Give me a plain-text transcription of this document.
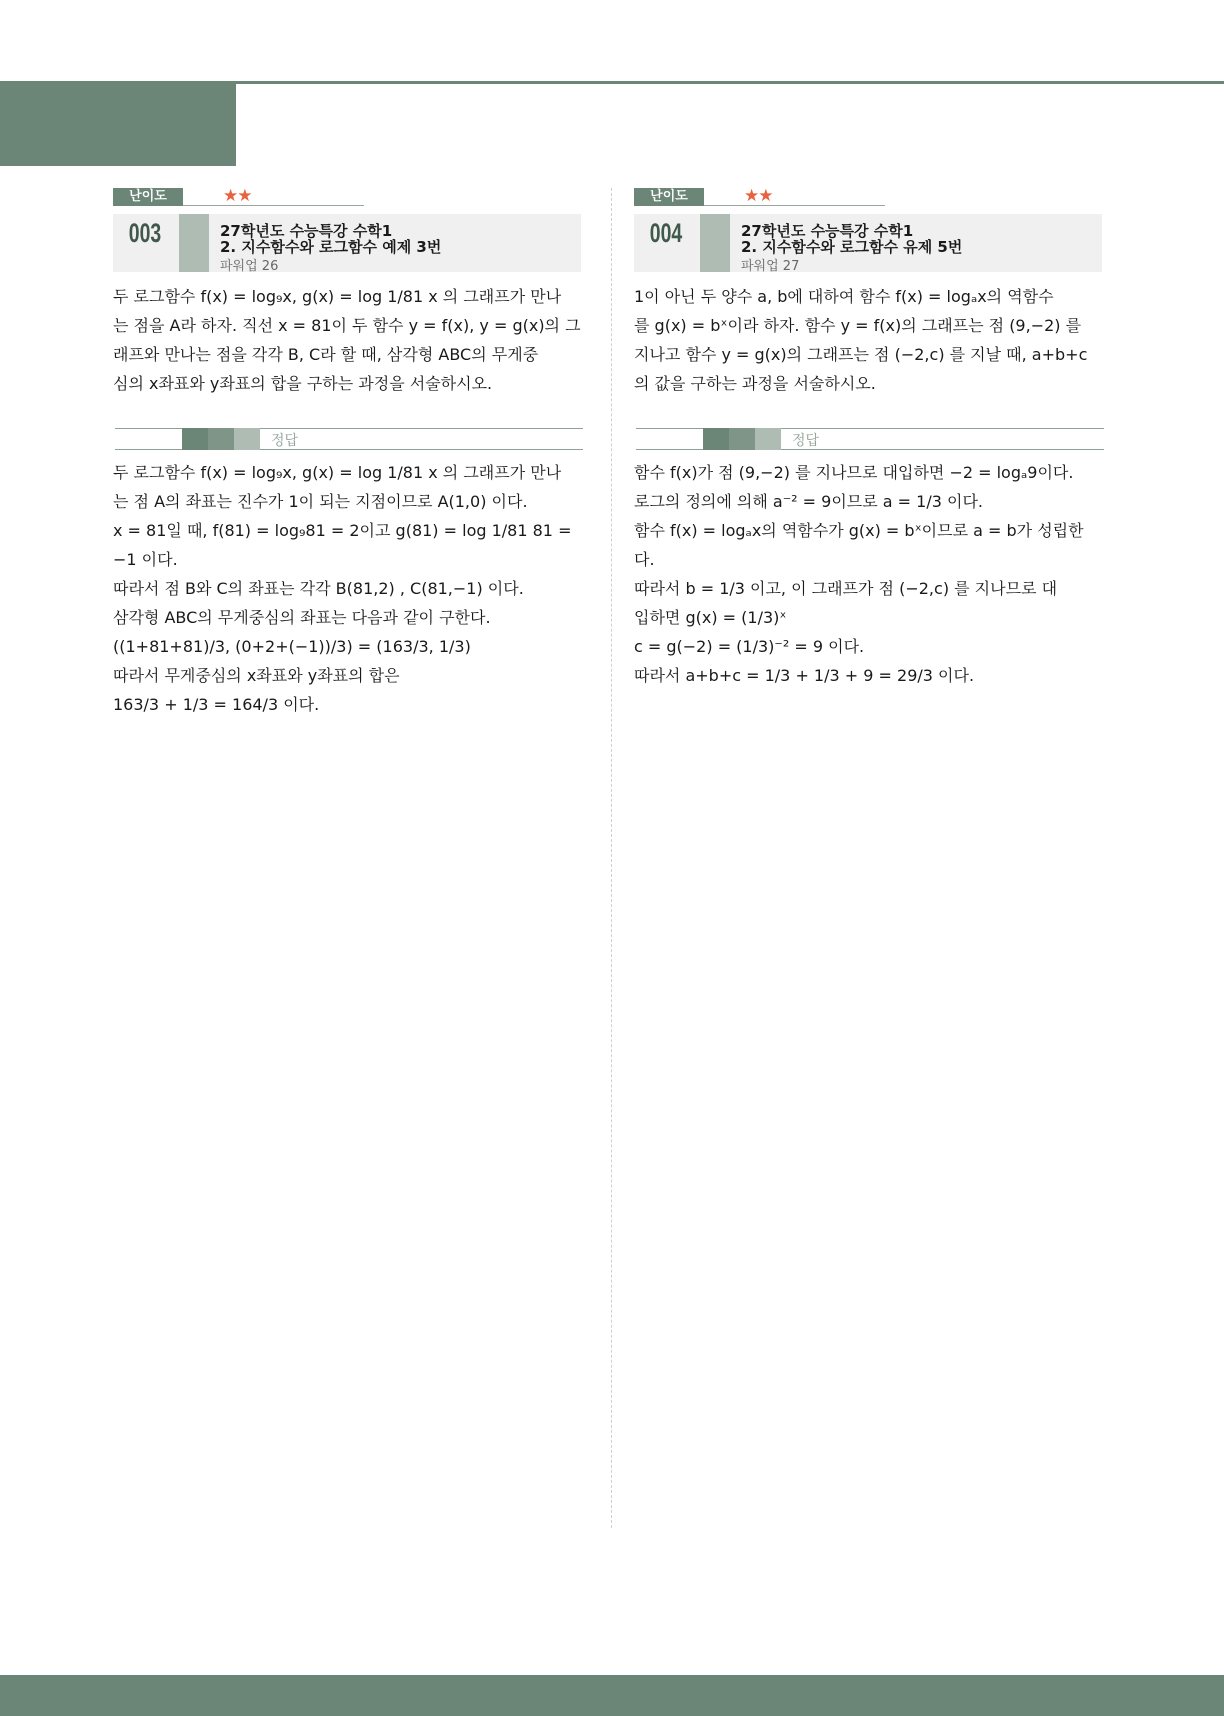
난이도	★★
003	27학년도 수능특강 수학1
2. 지수함수와 로그함수 예제 3번
파워업 26
두 로그함수 f(x) = log₉x, g(x) = log 1/81 x 의 그래프가 만나
는 점을 A라 하자. 직선 x = 81이 두 함수 y = f(x), y = g(x)의 그
래프와 만나는 점을 각각 B, C라 할 때, 삼각형 ABC의 무게중
심의 x좌표와 y좌표의 합을 구하는 과정을 서술하시오.
정답

두 로그함수 f(x) = log₉x, g(x) = log 1/81 x 의 그래프가 만나

는 점 A의 좌표는 진수가 1이 되는 지점이므로 A(1,0) 이다.

x = 81일 때, f(81) = log₉81 = 2이고 g(81) = log 1/81 81 = −1 이다.

따라서 점 B와 C의 좌표는 각각 B(81,2) , C(81,−1) 이다.

삼각형 ABC의 무게중심의 좌표는 다음과 같이 구한다.

((1+81+81)/3, (0+2+(−1))/3) = (163/3, 1/3)

따라서 무게중심의 x좌표와 y좌표의 합은

163/3 + 1/3 = 164/3 이다.

난이도	★★
004	27학년도 수능특강 수학1
2. 지수함수와 로그함수 유제 5번
파워업 27
1이 아닌 두 양수 a, b에 대하여 함수 f(x) = logₐx의 역함수
를 g(x) = bˣ이라 하자. 함수 y = f(x)의 그래프는 점 (9,−2) 를
지나고 함수 y = g(x)의 그래프는 점 (−2,c) 를 지날 때, a+b+c
의 값을 구하는 과정을 서술하시오.
정답

함수 f(x)가 점 (9,−2) 를 지나므로 대입하면 −2 = logₐ9이다.

로그의 정의에 의해 a⁻² = 9이므로 a = 1/3 이다.

함수 f(x) = logₐx의 역함수가 g(x) = bˣ이므로 a = b가 성립한

다.

따라서 b = 1/3 이고, 이 그래프가 점 (−2,c) 를 지나므로 대

입하면 g(x) = (1/3)ˣ

c = g(−2) = (1/3)⁻² = 9 이다.

따라서 a+b+c = 1/3 + 1/3 + 9 = 29/3 이다.
